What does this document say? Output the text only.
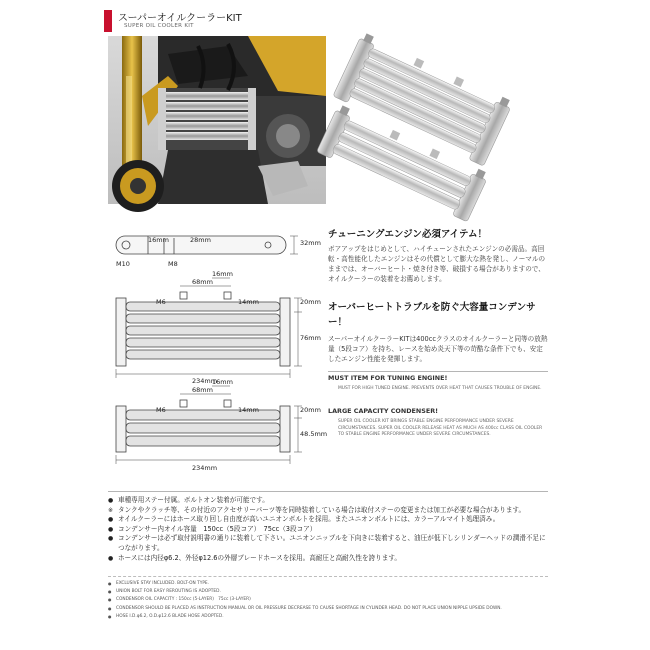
スーパーオイルクーラーKIT
SUPER OIL COOLER KIT
16mm	28mm	32mm
M10	M8
16mm
68mm
M6	14mm	20mm
76mm
234mm
16mm
68mm
M6	14mm	20mm
48.5mm
234mm
チューニングエンジン必須アイテム！
ボアアップをはじめとして、ハイチューンされたエンジンの必需品。高回転・高性能化したエンジンはその代償として膨大な熱を発し、ノーマルのままでは、オーバーヒート・焼き付き等、破損する場合がありますので、オイルクーラーの装着をお薦めします。
オーバーヒートトラブルを防ぐ大容量コンデンサー！
スーパーオイルクーラーKITは400ccクラスのオイルクーラーと同等の放熱量（5段コア）を持ち、レースを始め炎天下等の苛酷な条件下でも、安定したエンジン性能を発揮します。
MUST ITEM FOR TUNING ENGINE!
MUST FOR HIGH TUNED ENGINE. PREVENTS OVER HEAT THAT CAUSES TROUBLE OF ENGINE.
LARGE CAPACITY CONDENSER!
SUPER OIL COOLER KIT BRINGS STABLE ENGINE PERFORMANCE UNDER SEVERE CIRCUMSTANCES. SUPER OIL COOLER RELEASE HEAT AS MUCH AS 400cc CLASS OIL COOLER TO STABLE ENGINE PERFORMANCE UNDER SEVERE CIRCUMSTANCES.
● 車種専用ステー付属。ボルトオン装着が可能です。
※ タンクやクラッチ等、その付近のアクセサリーパーツ等を同時装着している場合は取付ステーの変更または加工が必要な場合があります。
● オイルクーラーにはホース取り回し自由度が高いユニオンボルトを採用。またユニオンボルトには、カラーアルマイト処理済み。
● コンデンサー内オイル容量　150cc（5段コア）　75cc（3段コア）
● コンデンサーは必ず取付説明書の通りに装着して下さい。ユニオンニップルを下向きに装着すると、油圧が低下しシリンダーヘッドの潤滑不足につながります。
● ホースには内径φ6.2、外径φ12.6の外層ブレードホースを採用。高耐圧と高耐久性を誇ります。
● EXCLUSIVE STAY INCLUDED. BOLT-ON TYPE.
● UNION BOLT FOR EASY REROUTING IS ADOPTED.
● CONDENSOR OIL CAPACITY : 150cc (5-LAYER)　75cc (3-LAYER)
● CONDENSOR SHOULD BE PLACED AS INSTRUCTION MANUAL OR OIL PRESSURE DECREASE TO CAUSE SHORTAGE IN CYLINDER HEAD. DO NOT PLACE UNION NIPPLE UPSIDE DOWN.
● HOSE I.D.φ6.2, O.D.φ12.6 BLADE HOSE ADOPTED.
